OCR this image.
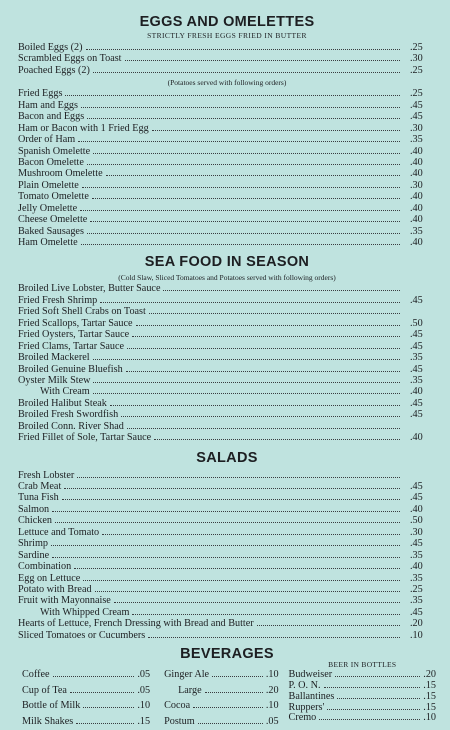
EGGS AND OMELETTES
STRICTLY FRESH EGGS FRIED IN BUTTER
Boiled Eggs (2)	.25
Scrambled Eggs on Toast	.30
Poached Eggs (2)	.25
(Potatoes served with following orders)
Fried Eggs	.25
Ham and Eggs	.45
Bacon and Eggs	.45
Ham or Bacon with 1 Fried Egg	.30
Order of Ham	.35
Spanish Omelette	.40
Bacon Omelette	.40
Mushroom Omelette	.40
Plain Omelette	.30
Tomato Omelette	.40
Jelly Omelette	.40
Cheese Omelette	.40
Baked Sausages	.35
Ham Omelette	.40
SEA FOOD IN SEASON
(Cold Slaw, Sliced Tomatoes and Potatoes served with following orders)
Broiled Live Lobster, Butter Sauce
Fried Fresh Shrimp	.45
Fried Soft Shell Crabs on Toast
Fried Scallops, Tartar Sauce	.50
Fried Oysters, Tartar Sauce	.45
Fried Clams, Tartar Sauce	.45
Broiled Mackerel	.35
Broiled Genuine Bluefish	.45
Oyster Milk Stew	.35
With Cream	.40
Broiled Halibut Steak	.45
Broiled Fresh Swordfish	.45
Broiled Conn. River Shad
Fried Fillet of Sole, Tartar Sauce	.40
SALADS
Fresh Lobster
Crab Meat	.45
Tuna Fish	.45
Salmon	.40
Chicken	.50
Lettuce and Tomato	.30
Shrimp	.45
Sardine	.35
Combination	.40
Egg on Lettuce	.35
Potato with Bread	.25
Fruit with Mayonnaise	.35
With Whipped Cream	.45
Hearts of Lettuce, French Dressing with Bread and Butter	.20
Sliced Tomatoes or Cucumbers	.10
BEVERAGES
Coffee	.05
Cup of Tea	.05
Bottle of Milk	.10
Milk Shakes	.15
Ginger Ale	.10
Large	.20
Cocoa	.10
Postum	.05
BEER IN BOTTLES
Budweiser	.20
P. O. N.	.15
Ballantines	.15
Ruppers'	.15
Cremo	.10
